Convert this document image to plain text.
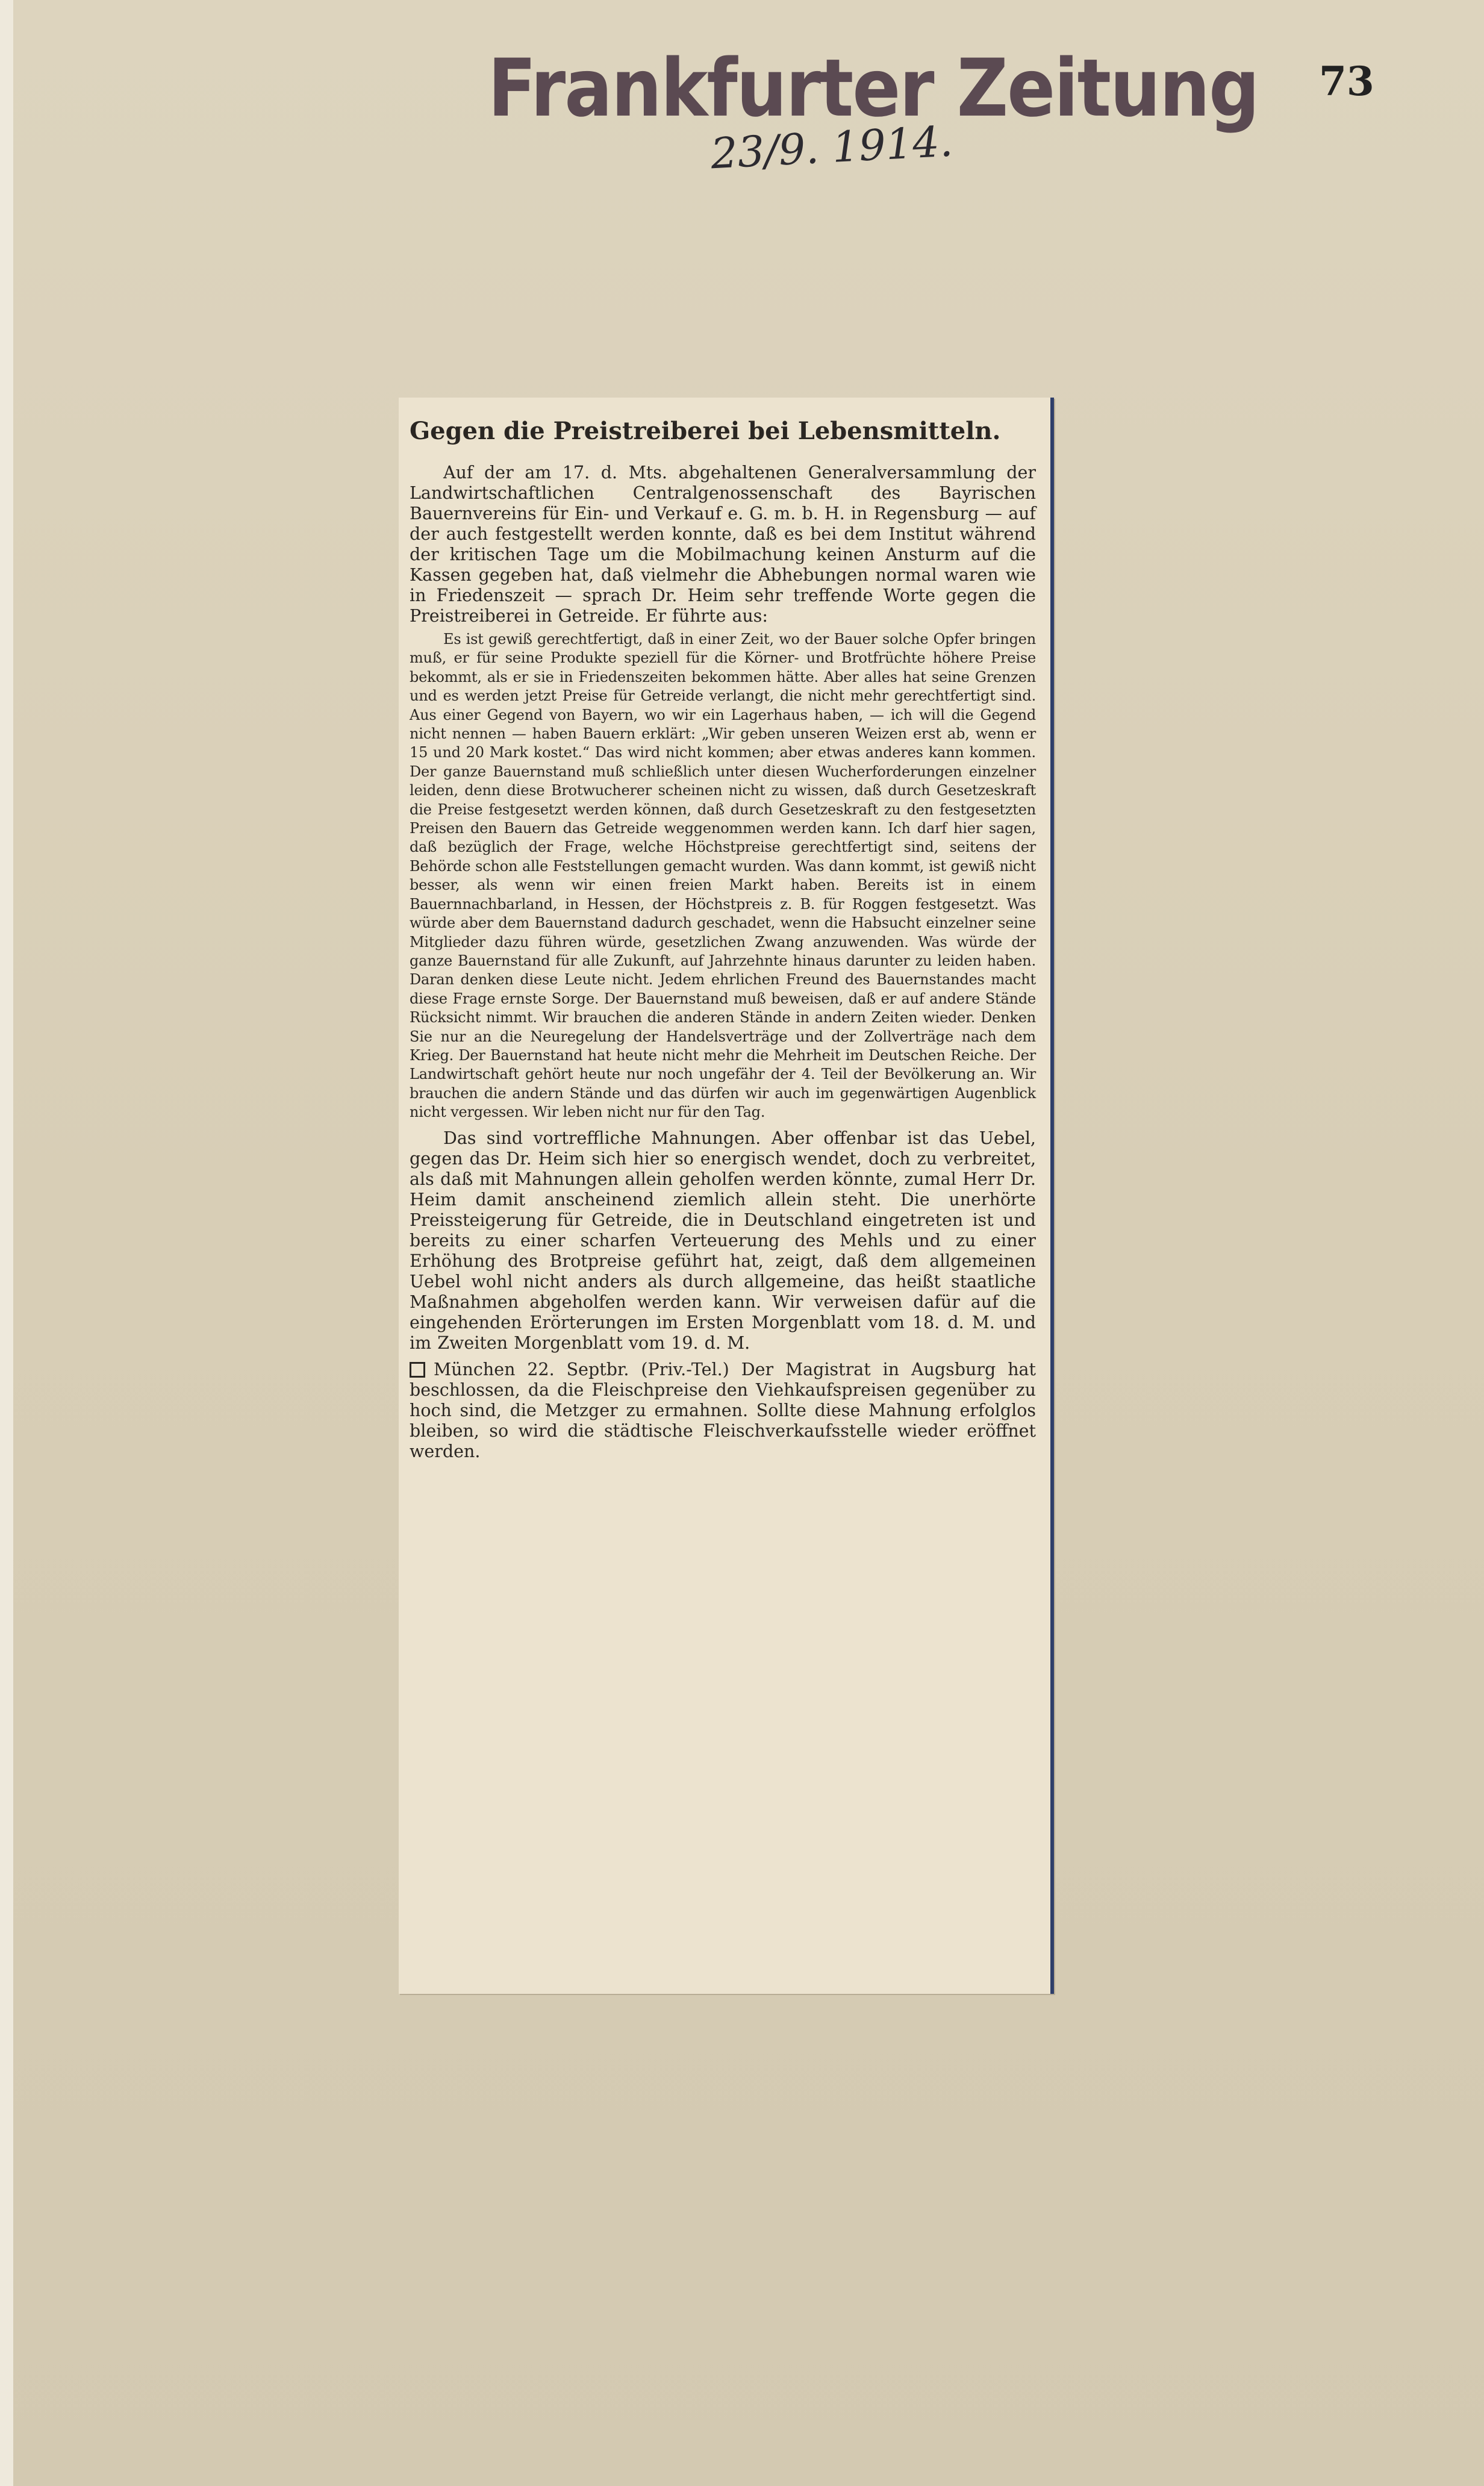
Frankfurter Zeitung
23/9. 1914.
73
Gegen die Preistreiberei bei Lebensmitteln.

Auf der am 17. d. Mts. abgehaltenen Generalversammlung der Landwirtschaftlichen Centralgenossenschaft des Bayrischen Bauernvereins für Ein- und Verkauf e. G. m. b. H. in Regensburg — auf der auch festgestellt werden konnte, daß es bei dem Institut während der kritischen Tage um die Mobilmachung keinen Ansturm auf die Kassen gegeben hat, daß vielmehr die Abhebungen normal waren wie in Friedenszeit — sprach Dr. Heim sehr treffende Worte gegen die Preistreiberei in Getreide. Er führte aus:

Es ist gewiß gerechtfertigt, daß in einer Zeit, wo der Bauer solche Opfer bringen muß, er für seine Produkte speziell für die Körner- und Brotfrüchte höhere Preise bekommt, als er sie in Friedenszeiten bekommen hätte. Aber alles hat seine Grenzen und es werden jetzt Preise für Getreide verlangt, die nicht mehr gerechtfertigt sind. Aus einer Gegend von Bayern, wo wir ein Lagerhaus haben, — ich will die Gegend nicht nennen — haben Bauern erklärt: „Wir geben unseren Weizen erst ab, wenn er 15 und 20 Mark kostet.“ Das wird nicht kommen; aber etwas anderes kann kommen. Der ganze Bauernstand muß schließlich unter diesen Wucherforderungen einzelner leiden, denn diese Brotwucherer scheinen nicht zu wissen, daß durch Gesetzeskraft die Preise festgesetzt werden können, daß durch Gesetzeskraft zu den festgesetzten Preisen den Bauern das Getreide weggenommen werden kann. Ich darf hier sagen, daß bezüglich der Frage, welche Höchstpreise gerechtfertigt sind, seitens der Behörde schon alle Feststellungen gemacht wurden. Was dann kommt, ist gewiß nicht besser, als wenn wir einen freien Markt haben. Bereits ist in einem Bauernnachbarland, in Hessen, der Höchstpreis z. B. für Roggen festgesetzt. Was würde aber dem Bauernstand dadurch geschadet, wenn die Habsucht einzelner seine Mitglieder dazu führen würde, gesetzlichen Zwang anzuwenden. Was würde der ganze Bauernstand für alle Zukunft, auf Jahrzehnte hinaus darunter zu leiden haben. Daran denken diese Leute nicht. Jedem ehrlichen Freund des Bauernstandes macht diese Frage ernste Sorge. Der Bauernstand muß beweisen, daß er auf andere Stände Rücksicht nimmt. Wir brauchen die anderen Stände in andern Zeiten wieder. Denken Sie nur an die Neuregelung der Handelsverträge und der Zollverträge nach dem Krieg. Der Bauernstand hat heute nicht mehr die Mehrheit im Deutschen Reiche. Der Landwirtschaft gehört heute nur noch ungefähr der 4. Teil der Bevölkerung an. Wir brauchen die andern Stände und das dürfen wir auch im gegenwärtigen Augenblick nicht vergessen. Wir leben nicht nur für den Tag.

Das sind vortreffliche Mahnungen. Aber offenbar ist das Uebel, gegen das Dr. Heim sich hier so energisch wendet, doch zu verbreitet, als daß mit Mahnungen allein geholfen werden könnte, zumal Herr Dr. Heim damit anscheinend ziemlich allein steht. Die unerhörte Preissteigerung für Getreide, die in Deutschland eingetreten ist und bereits zu einer scharfen Verteuerung des Mehls und zu einer Erhöhung des Brotpreise geführt hat, zeigt, daß dem allgemeinen Uebel wohl nicht anders als durch allgemeine, das heißt staatliche Maßnahmen abgeholfen werden kann. Wir verweisen dafür auf die eingehenden Erörterungen im Ersten Morgenblatt vom 18. d. M. und im Zweiten Morgenblatt vom 19. d. M.

München 22. Septbr. (Priv.-Tel.) Der Magistrat in Augsburg hat beschlossen, da die Fleischpreise den Viehkaufspreisen gegenüber zu hoch sind, die Metzger zu ermahnen. Sollte diese Mahnung erfolglos bleiben, so wird die städtische Fleischverkaufsstelle wieder eröffnet werden.
